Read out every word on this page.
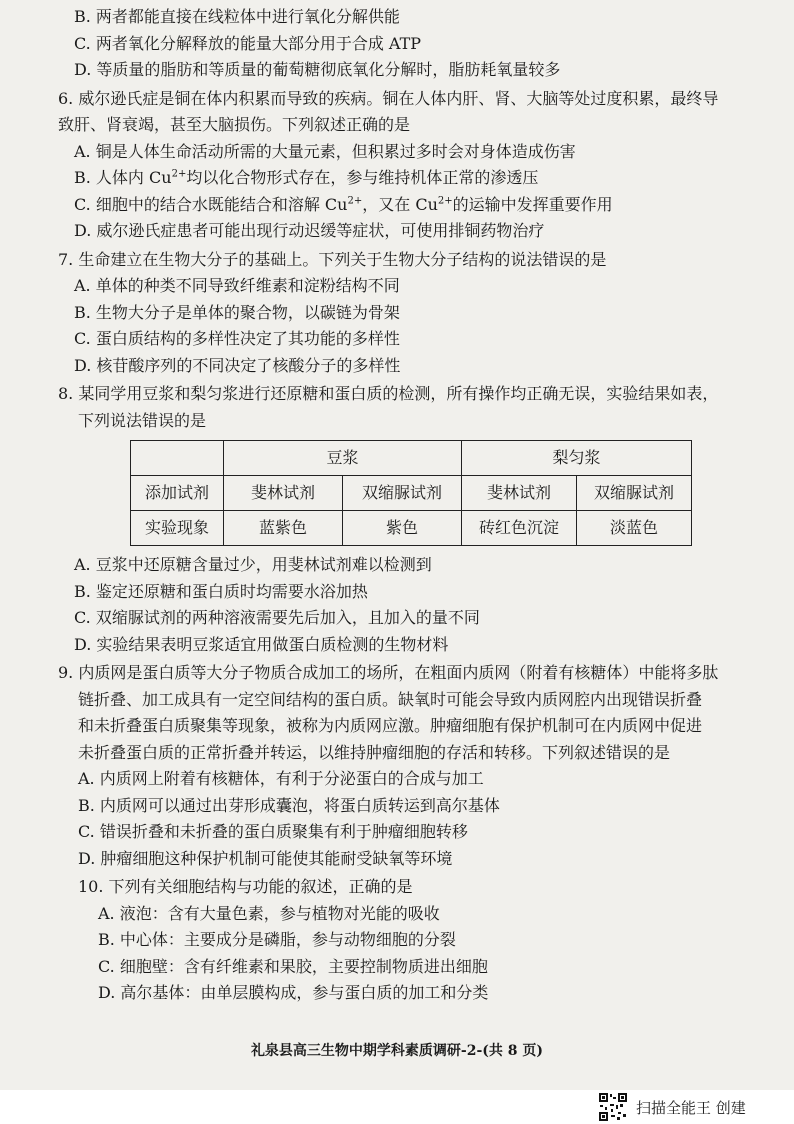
B. 两者都能直接在线粒体中进行氧化分解供能
C. 两者氧化分解释放的能量大部分用于合成 ATP
D. 等质量的脂肪和等质量的葡萄糖彻底氧化分解时，脂肪耗氧量较多
6. 威尔逊氏症是铜在体内积累而导致的疾病。铜在人体内肝、肾、大脑等处过度积累，最终导
致肝、肾衰竭，甚至大脑损伤。下列叙述正确的是
A. 铜是人体生命活动所需的大量元素，但积累过多时会对身体造成伤害
B. 人体内 $Cu^{2+}$均以化合物形式存在，参与维持机体正常的渗透压
C. 细胞中的结合水既能结合和溶解 $Cu^{2+}$，又在 $Cu^{2+}$的运输中发挥重要作用
D. 威尔逊氏症患者可能出现行动迟缓等症状，可使用排铜药物治疗
7. 生命建立在生物大分子的基础上。下列关于生物大分子结构的说法错误的是
A. 单体的种类不同导致纤维素和淀粉结构不同
B. 生物大分子是单体的聚合物，以碳链为骨架
C. 蛋白质结构的多样性决定了其功能的多样性
D. 核苷酸序列的不同决定了核酸分子的多样性
8. 某同学用豆浆和梨匀浆进行还原糖和蛋白质的检测，所有操作均正确无误，实验结果如表，
下列说法错误的是
	豆浆		梨匀浆	
添加试剂	斐林试剂	双缩脲试剂	斐林试剂	双缩脲试剂
实验现象	蓝紫色	紫色	砖红色沉淀	淡蓝色
A. 豆浆中还原糖含量过少，用斐林试剂难以检测到
B. 鉴定还原糖和蛋白质时均需要水浴加热
C. 双缩脲试剂的两种溶液需要先后加入，且加入的量不同
D. 实验结果表明豆浆适宜用做蛋白质检测的生物材料
9. 内质网是蛋白质等大分子物质合成加工的场所，在粗面内质网（附着有核糖体）中能将多肽
链折叠、加工成具有一定空间结构的蛋白质。缺氧时可能会导致内质网腔内出现错误折叠
和未折叠蛋白质聚集等现象，被称为内质网应激。肿瘤细胞有保护机制可在内质网中促进
未折叠蛋白质的正常折叠并转运，以维持肿瘤细胞的存活和转移。下列叙述错误的是
A. 内质网上附着有核糖体，有利于分泌蛋白的合成与加工
B. 内质网可以通过出芽形成囊泡，将蛋白质转运到高尔基体
C. 错误折叠和未折叠的蛋白质聚集有利于肿瘤细胞转移
D. 肿瘤细胞这种保护机制可能使其能耐受缺氧等环境
10. 下列有关细胞结构与功能的叙述，正确的是
A. 液泡：含有大量色素，参与植物对光能的吸收
B. 中心体：主要成分是磷脂，参与动物细胞的分裂
C. 细胞壁：含有纤维素和果胶，主要控制物质进出细胞
D. 高尔基体：由单层膜构成，参与蛋白质的加工和分类
礼泉县高三生物中期学科素质调研-2-(共 8 页)
扫描全能王 创建
